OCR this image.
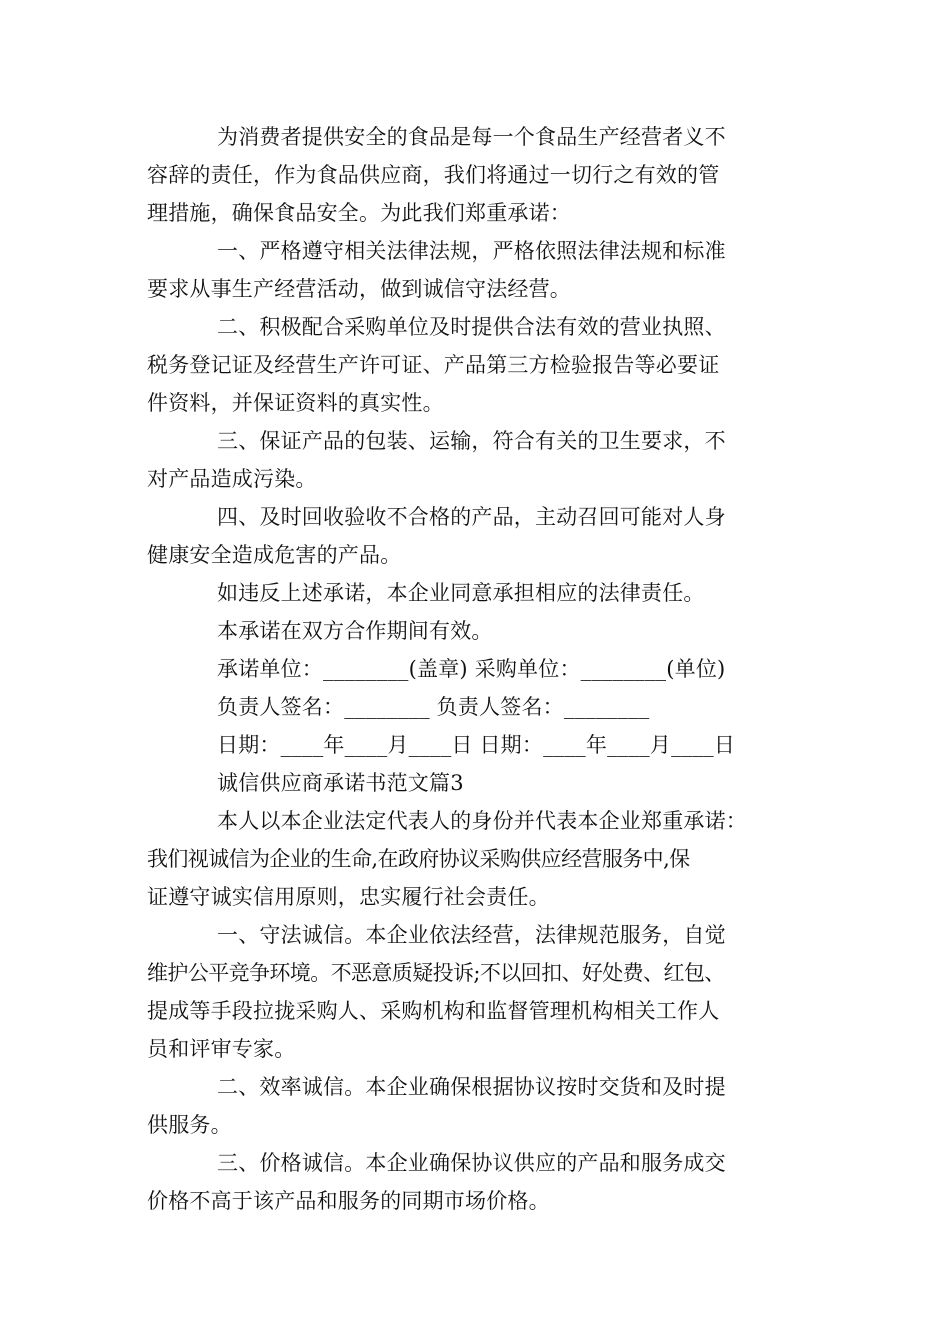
为消费者提供安全的食品是每一个食品生产经营者义不
容辞的责任，作为食品供应商，我们将通过一切行之有效的管
理措施，确保食品安全。为此我们郑重承诺：
一、严格遵守相关法律法规，严格依照法律法规和标准
要求从事生产经营活动，做到诚信守法经营。
二、积极配合采购单位及时提供合法有效的营业执照、
税务登记证及经营生产许可证、产品第三方检验报告等必要证
件资料，并保证资料的真实性。
三、保证产品的包装、运输，符合有关的卫生要求，不
对产品造成污染。
四、及时回收验收不合格的产品，主动召回可能对人身
健康安全造成危害的产品。
如违反上述承诺，本企业同意承担相应的法律责任。
本承诺在双方合作期间有效。
承诺单位：________(盖章) 采购单位：________(单位)
负责人签名：________ 负责人签名：________
日期：____年____月____日 日期：____年____月____日
诚信供应商承诺书范文篇3
本人以本企业法定代表人的身份并代表本企业郑重承诺：
我们视诚信为企业的生命,在政府协议采购供应经营服务中,保
证遵守诚实信用原则，忠实履行社会责任。
一、守法诚信。本企业依法经营，法律规范服务，自觉
维护公平竞争环境。不恶意质疑投诉;不以回扣、好处费、红包、
提成等手段拉拢采购人、采购机构和监督管理机构相关工作人
员和评审专家。
二、效率诚信。本企业确保根据协议按时交货和及时提
供服务。
三、价格诚信。本企业确保协议供应的产品和服务成交
价格不高于该产品和服务的同期市场价格。
